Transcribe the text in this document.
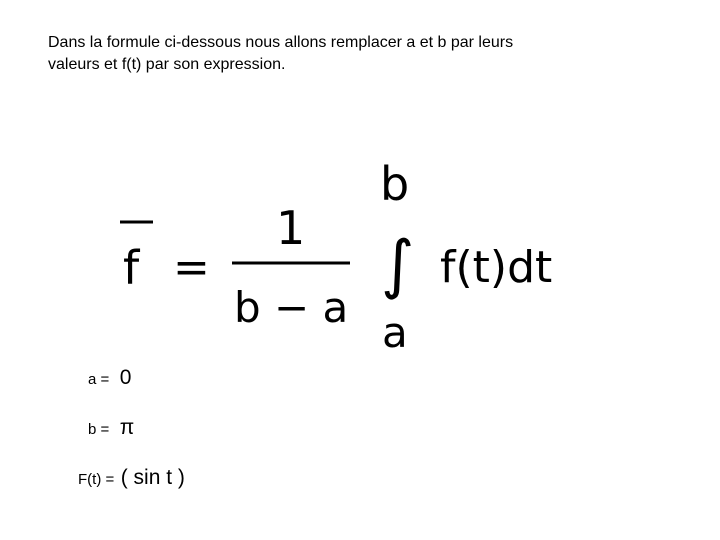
Dans la formule ci-dessous nous allons remplacer a et b par leurs
valeurs et f(t) par son expression.
f =
1
b − a
b
∫
a
f(t)dt
a = 0
b = π
F(t) = ( sin t )
